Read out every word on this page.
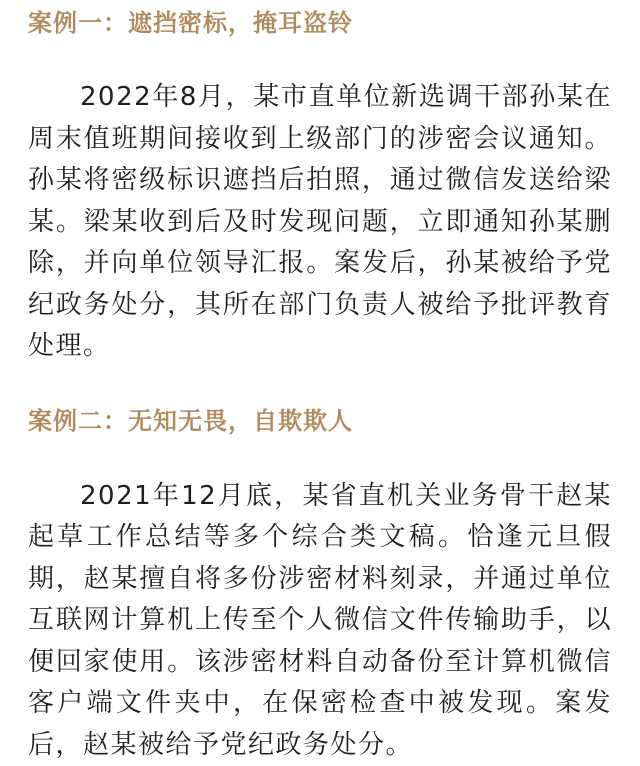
案例一：遮挡密标，掩耳盗铃

2022年8月，某市直单位新选调干部孙某在周末值班期间接收到上级部门的涉密会议通知。孙某将密级标识遮挡后拍照，通过微信发送给梁某。梁某收到后及时发现问题，立即通知孙某删除，并向单位领导汇报。案发后，孙某被给予党纪政务处分，其所在部门负责人被给予批评教育处理。

案例二：无知无畏，自欺欺人

2021年12月底，某省直机关业务骨干赵某起草工作总结等多个综合类文稿。恰逢元旦假期，赵某擅自将多份涉密材料刻录，并通过单位互联网计算机上传至个人微信文件传输助手，以便回家使用。该涉密材料自动备份至计算机微信客户端文件夹中，在保密检查中被发现。案发后，赵某被给予党纪政务处分。
